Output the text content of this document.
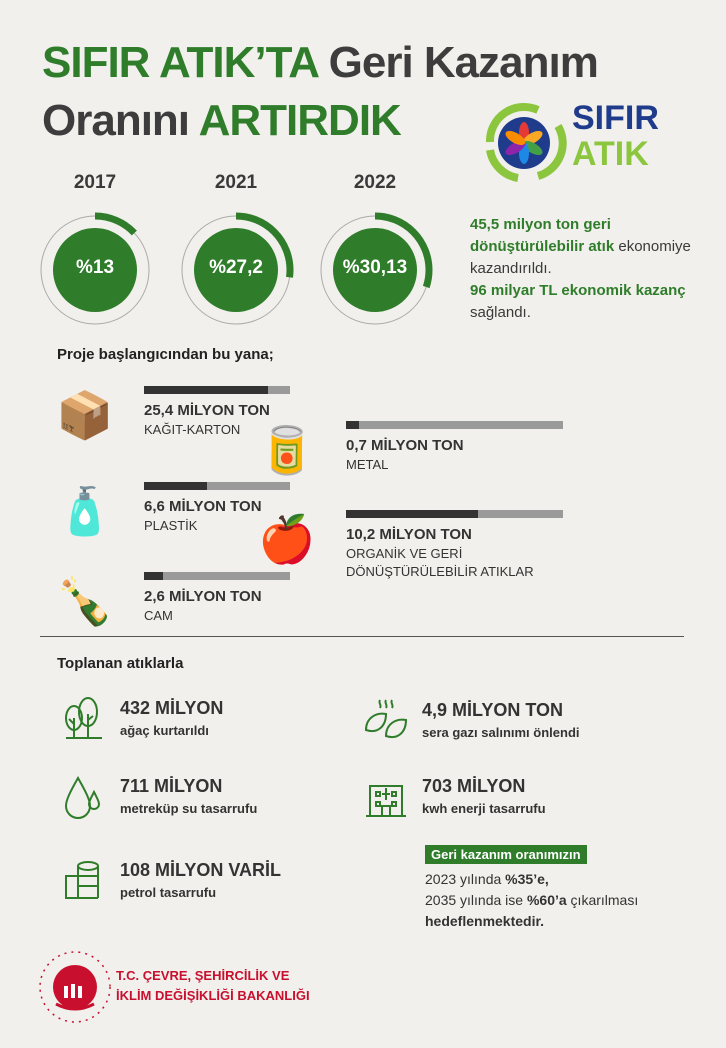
SIFIR ATIK’TA Geri Kazanım
Oranını ARTIRDIK	SIFIR
ATIK
2017
%13
2021
%27,2
2022
%30,13
45,5 milyon ton geri dönüştürülebilir atık ekonomiye kazandırıldı.
96 milyar TL ekonomik kazanç sağlandı.
Proje başlangıcından bu yana;
📦 25,4 MİLYON TON
KAĞIT-KARTON
🧴 6,6 MİLYON TON
PLASTİK
🍾 2,6 MİLYON TON
CAM
🥫 0,7 MİLYON TON
METAL
🍎 10,2 MİLYON TON
ORGANİK VE GERİ DÖNÜŞTÜRÜLEBİLİR ATIKLAR
Toplanan atıklarla
432 MİLYON
ağaç kurtarıldı
711 MİLYON
metreküp su tasarrufu
108 MİLYON VARİL
petrol tasarrufu
4,9 MİLYON TON
sera gazı salınımı önlendi
703 MİLYON
kwh enerji tasarrufu
Geri kazanım oranımızın
2023 yılında %35’e,
2035 yılında ise %60’a çıkarılması
hedeflenmektedir.
T.C. ÇEVRE, ŞEHİRCİLİK VE
İKLİM DEĞİŞİKLİĞİ BAKANLIĞI
